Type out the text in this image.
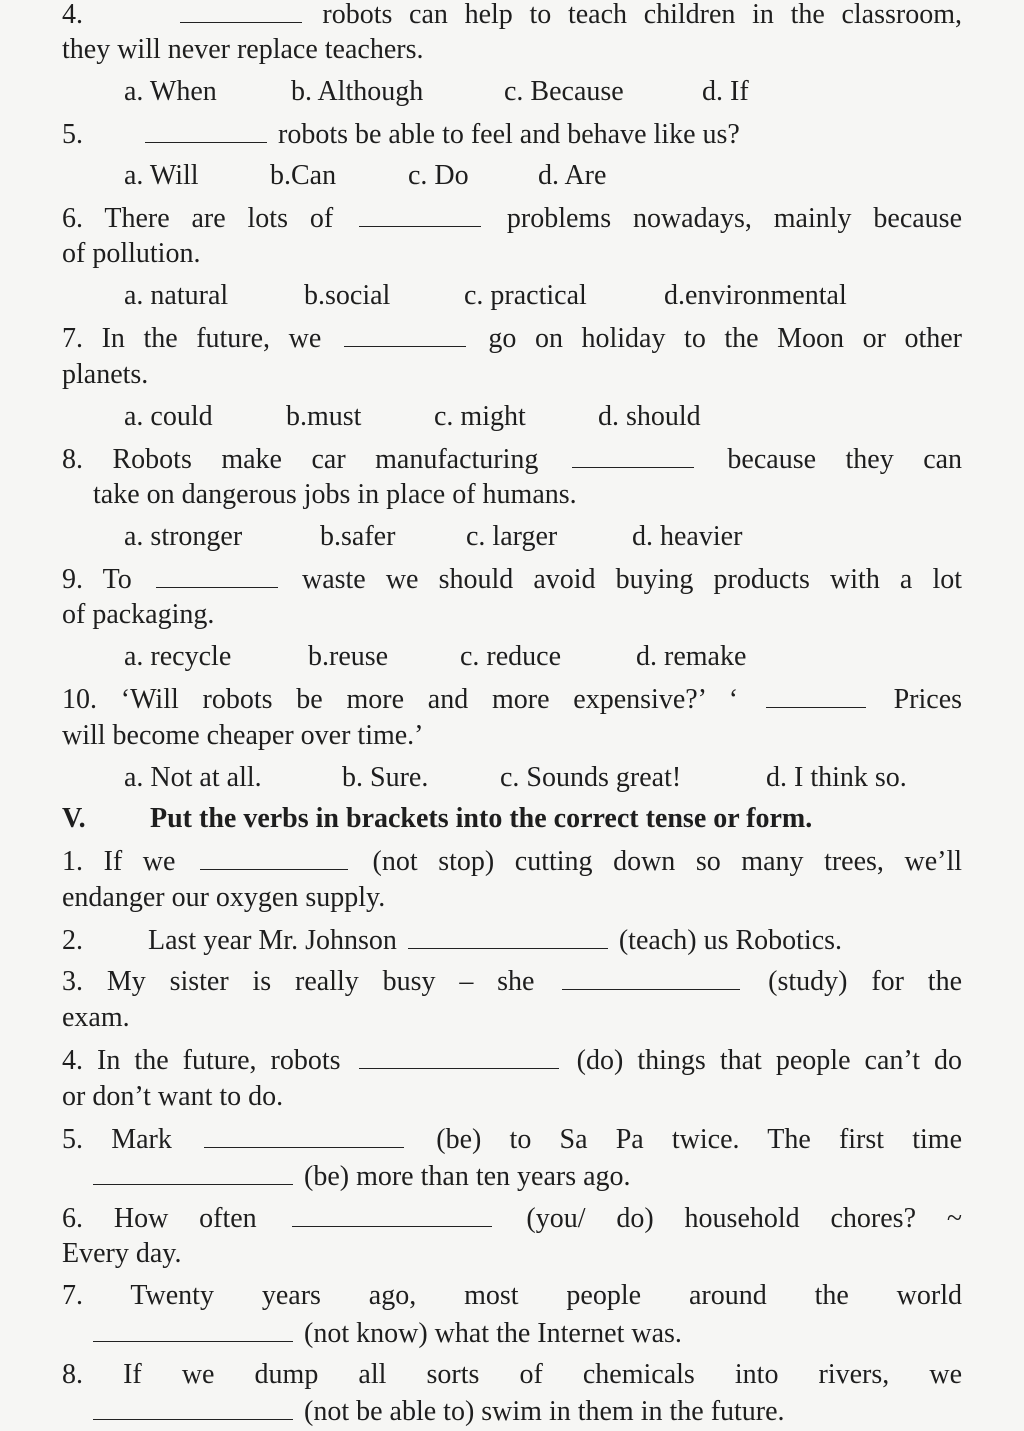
4.	robots can help to teach children in the classroom,
they will never replace teachers.
a. When	b. Although	c. Because	d. If
5.	robots be able to feel and behave like us?
a. Will	b.Can	c. Do d. Are
6. There are lots of	problems nowadays, mainly because
of pollution.
a. natural	b.social	c. practical	d.environmental
7. In the future, we	go on holiday to the Moon or other
planets.
a. could	b.must	c. might	d. should
8. Robots make car manufacturing	because they can
take on dangerous jobs in place of humans.
a. stronger	b.safer	c. larger	d. heavier
9. To	waste we should avoid buying products with a lot
of packaging.
a. recycle	b.reuse	c. reduce	d. remake
10. ‘Will robots be more and more expensive?’ ‘	Prices
will become cheaper over time.’
a. Not at all.	b. Sure.	c. Sounds great!	d. I think so.
V. Put the verbs in brackets into the correct tense or form.
1. If we	(not stop) cutting down so many trees, we’ll
endanger our oxygen supply.
2. Last year Mr. Johnson	(teach) us Robotics.
3. My sister is really busy – she	(study) for the
exam.
4. In the future, robots	(do) things that people can’t do
or don’t want to do.
5. Mark	(be) to Sa Pa twice. The first time
(be) more than ten years ago.
6. How often	(you/ do) household chores? ~
Every day.
7. Twenty years ago, most people around the world
(not know) what the Internet was.
8. If we dump all sorts of chemicals into rivers, we
(not be able to) swim in them in the future.
